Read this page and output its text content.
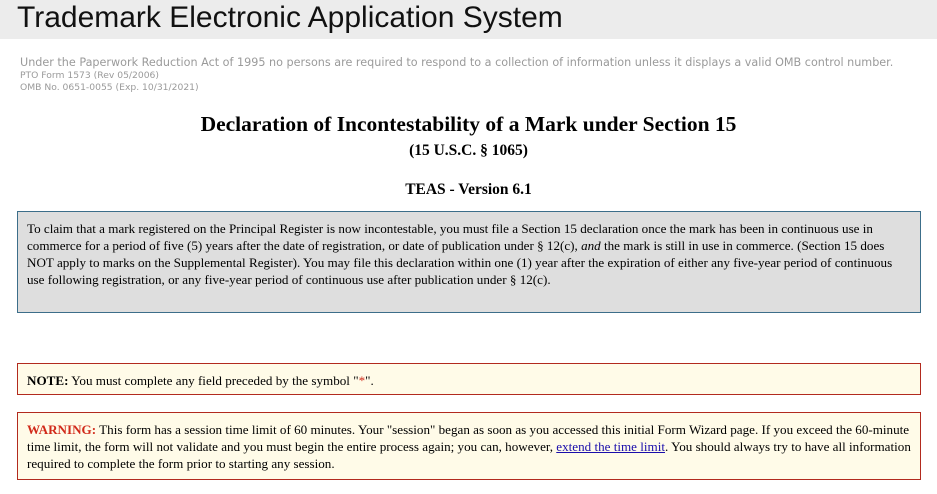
Trademark Electronic Application System
Under the Paperwork Reduction Act of 1995 no persons are required to respond to a collection of information unless it displays a valid OMB control number.
PTO Form 1573 (Rev 05/2006)
OMB No. 0651-0055 (Exp. 10/31/2021)
Declaration of Incontestability of a Mark under Section 15
(15 U.S.C. § 1065)
TEAS - Version 6.1
To claim that a mark registered on the Principal Register is now incontestable, you must file a Section 15 declaration once the mark has been in continuous use in commerce for a period of five (5) years after the date of registration, or date of publication under § 12(c), and the mark is still in use in commerce. (Section 15 does NOT apply to marks on the Supplemental Register). You may file this declaration within one (1) year after the expiration of either any five-year period of continuous use following registration, or any five-year period of continuous use after publication under § 12(c).
NOTE: You must complete any field preceded by the symbol "*".
WARNING: This form has a session time limit of 60 minutes. Your "session" began as soon as you accessed this initial Form Wizard page. If you exceed the 60-minute time limit, the form will not validate and you must begin the entire process again; you can, however, extend the time limit. You should always try to have all information required to complete the form prior to starting any session.
